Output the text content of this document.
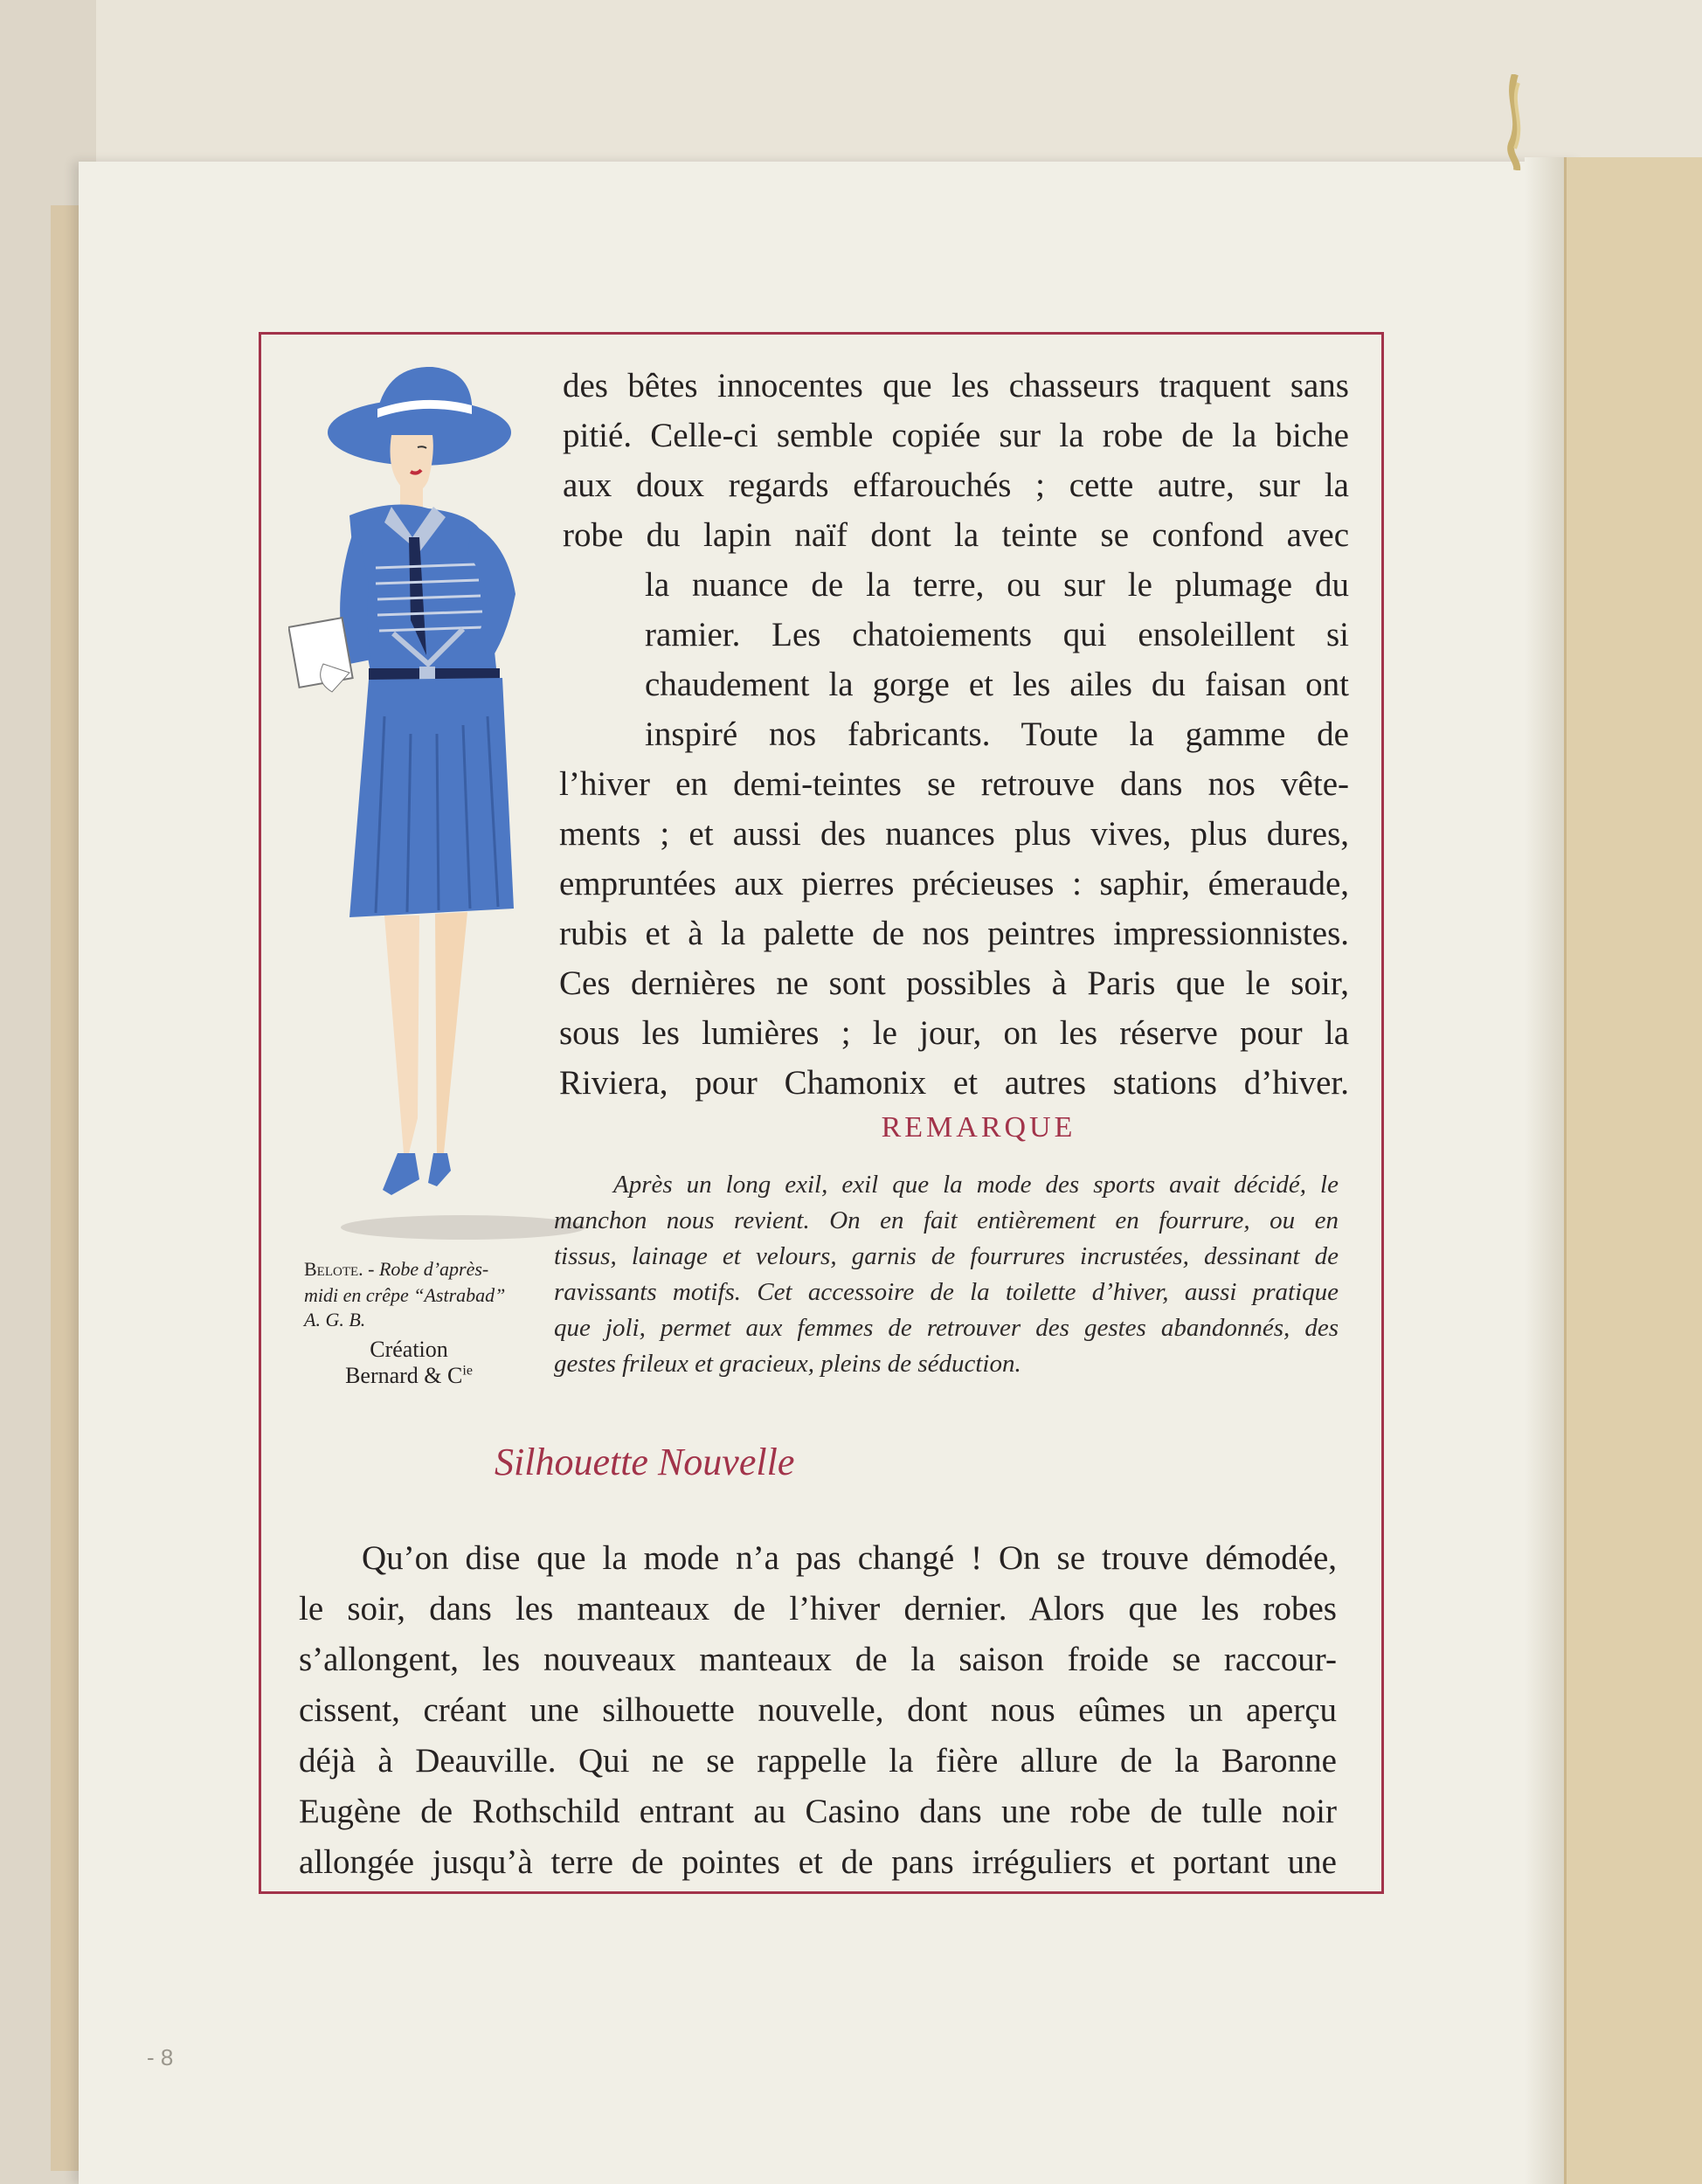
Belote. - Robe d’après-

midi en crêpe “Astrabad”

A. G. B.

Création

Bernard & $C^{ie}$

des bêtes innocentes que les chasseurs traquent sans

pitié. Celle-ci semble copiée sur la robe de la biche

aux doux regards effarouchés ; cette autre, sur la

robe du lapin naïf dont la teinte se confond avec

la nuance de la terre, ou sur le plumage du

ramier. Les chatoiements qui ensoleillent si

chaudement la gorge et les ailes du faisan ont

inspiré nos fabricants. Toute la gamme de

l’hiver en demi-teintes se retrouve dans nos vête-

ments ; et aussi des nuances plus vives, plus dures,

empruntées aux pierres précieuses : saphir, émeraude,

rubis et à la palette de nos peintres impressionnistes.

Ces dernières ne sont possibles à Paris que le soir,

sous les lumières ; le jour, on les réserve pour la

Riviera, pour Chamonix et autres stations d’hiver.

REMARQUE

Après un long exil, exil que la mode des sports avait décidé, le

manchon nous revient. On en fait entièrement en fourrure, ou en

tissus, lainage et velours, garnis de fourrures incrustées, dessinant de

ravissants motifs. Cet accessoire de la toilette d’hiver, aussi pratique

que joli, permet aux femmes de retrouver des gestes abandonnés, des

gestes frileux et gracieux, pleins de séduction.

Silhouette Nouvelle

Qu’on dise que la mode n’a pas changé ! On se trouve démodée,

le soir, dans les manteaux de l’hiver dernier. Alors que les robes

s’allongent, les nouveaux manteaux de la saison froide se raccour-

cissent, créant une silhouette nouvelle, dont nous eûmes un aperçu

déjà à Deauville. Qui ne se rappelle la fière allure de la Baronne

Eugène de Rothschild entrant au Casino dans une robe de tulle noir

allongée jusqu’à terre de pointes et de pans irréguliers et portant une

- 8
